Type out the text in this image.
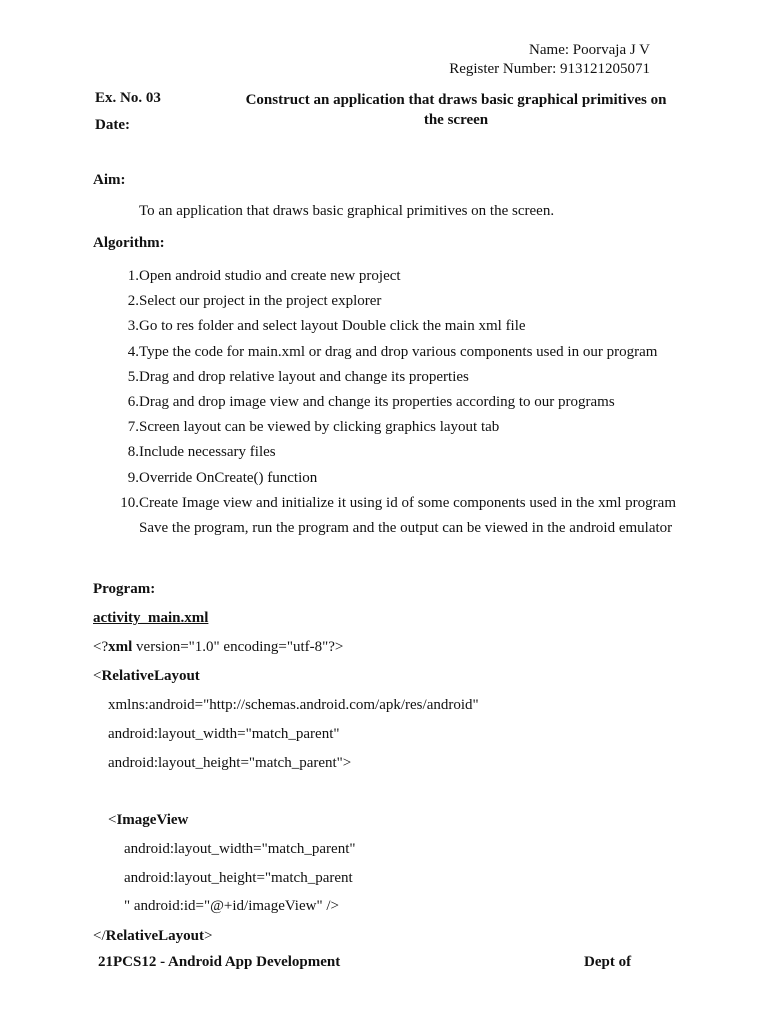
Name: Poorvaja J V
Register Number: 913121205071
Ex. No. 03
Date:
Construct an application that draws basic graphical primitives on the screen
Aim:
To an application that draws basic graphical primitives on the screen.
Algorithm:
1. Open android studio and create new project
2. Select our project in the project explorer
3. Go to res folder and select layout Double click the main xml file
4. Type the code for main.xml or drag and drop various components used in our program
5. Drag and drop relative layout and change its properties
6. Drag and drop image view and change its properties according to our programs
7. Screen layout can be viewed by clicking graphics layout tab
8. Include necessary files
9. Override OnCreate() function
10. Create Image view and initialize it using id of some components used in the xml program Save the program, run the program and the output can be viewed in the android emulator
Program:
activity_main.xml
<?xml version="1.0" encoding="utf-8"?>
<RelativeLayout
xmlns:android="http://schemas.android.com/apk/res/android"
android:layout_width="match_parent"
android:layout_height="match_parent">
<ImageView
android:layout_width="match_parent"
android:layout_height="match_parent
" android:id="@+id/imageView" />
</RelativeLayout>
21PCS12 - Android App Development	Dept of
